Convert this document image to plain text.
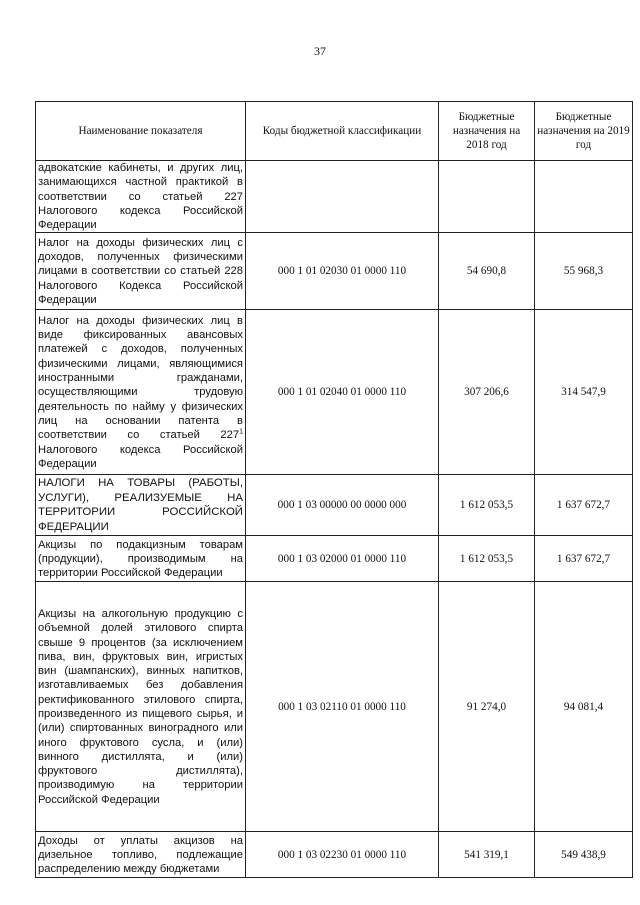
37
Наименование показателя	Коды бюджетной классификации	Бюджетные назначения на 2018 год	Бюджетные назначения на 2019 год
адвокатские кабинеты, и других лиц, занимающихся частной практикой в соответствии со статьей 227 Налогового кодекса Российской Федерации			
Налог на доходы физических лиц с доходов, полученных физическими лицами в соответствии со статьей 228 Налогового Кодекса Российской Федерации	000 1 01 02030 01 0000 110	54 690,8	55 968,3
Налог на доходы физических лиц в виде фиксированных авансовых платежей с доходов, полученных физическими лицами, являющимися иностранными гражданами, осуществляющими трудовую деятельность по найму у физических лиц на основании патента в соответствии со статьей $227^1$ Налогового кодекса Российской Федерации	000 1 01 02040 01 0000 110	307 206,6	314 547,9
НАЛОГИ НА ТОВАРЫ (РАБОТЫ, УСЛУГИ), РЕАЛИЗУЕМЫЕ НА ТЕРРИТОРИИ РОССИЙСКОЙ ФЕДЕРАЦИИ	000 1 03 00000 00 0000 000	1 612 053,5	1 637 672,7
Акцизы по подакцизным товарам (продукции), производимым на территории Российской Федерации	000 1 03 02000 01 0000 110	1 612 053,5	1 637 672,7
Акцизы на алкогольную продукцию с объемной долей этилового спирта свыше 9 процентов (за исключением пива, вин, фруктовых вин, игристых вин (шампанских), винных напитков, изготавливаемых без добавления ректификованного этилового спирта, произведенного из пищевого сырья, и (или) спиртованных виноградного или иного фруктового сусла, и (или) винного дистиллята, и (или) фруктового дистиллята), производимую на территории Российской Федерации	000 1 03 02110 01 0000 110	91 274,0	94 081,4
Доходы от уплаты акцизов на дизельное топливо, подлежащие распределению между бюджетами	000 1 03 02230 01 0000 110	541 319,1	549 438,9
